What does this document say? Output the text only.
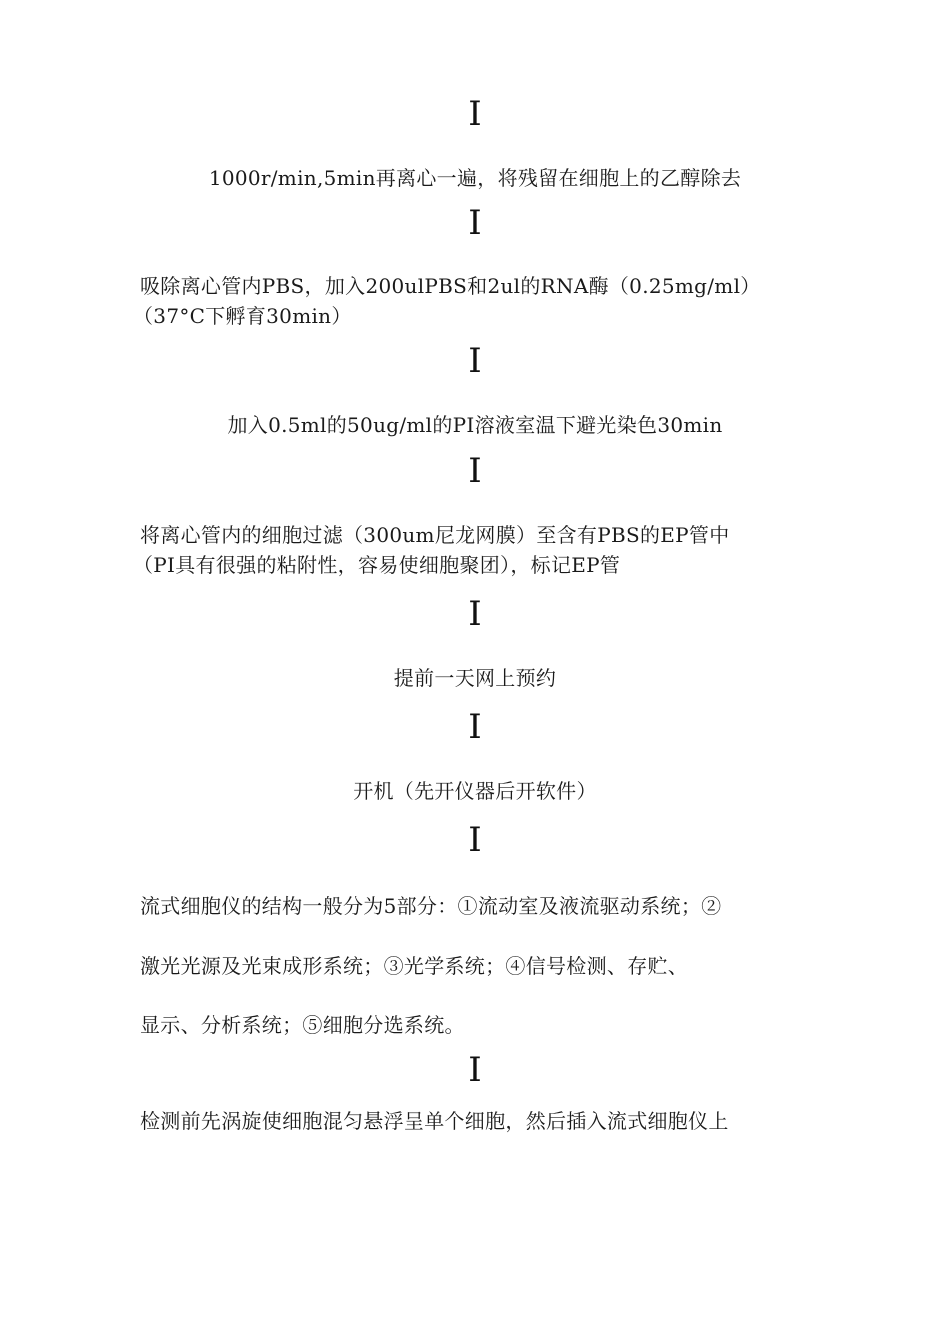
I
1000r/min,5min再离心一遍，将残留在细胞上的乙醇除去
I
吸除离心管内PBS，加入200ulPBS和2ul的RNA酶（0.25mg/ml）
（37°C下孵育30min）
I
加入0.5ml的50ug/ml的PI溶液室温下避光染色30min
I
将离心管内的细胞过滤（300um尼龙网膜）至含有PBS的EP管中
（PI具有很强的粘附性，容易使细胞聚团），标记EP管
I
提前一天网上预约
I
开机（先开仪器后开软件）
I
流式细胞仪的结构一般分为5部分：①流动室及液流驱动系统；②
激光光源及光束成形系统；③光学系统；④信号检测、存贮、
显示、分析系统；⑤细胞分选系统。
I
检测前先涡旋使细胞混匀悬浮呈单个细胞，然后插入流式细胞仪上
